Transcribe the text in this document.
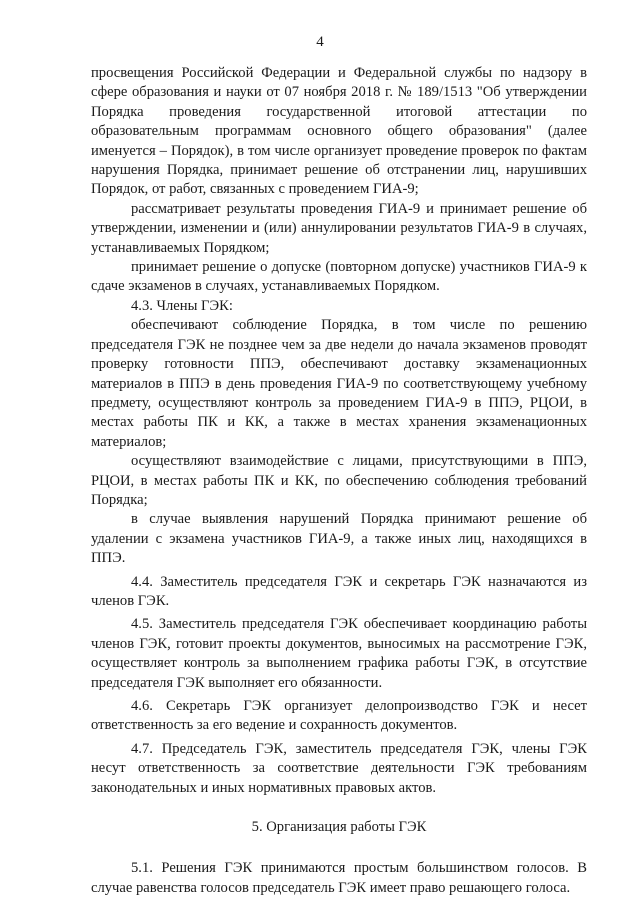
4

просвещения Российской Федерации и Федеральной службы по надзору в сфере образования и науки от 07 ноября 2018 г. № 189/1513 "Об утверждении Порядка проведения государственной итоговой аттестации по образовательным программам основного общего образования" (далее именуется – Порядок), в том числе организует проведение проверок по фактам нарушения Порядка, принимает решение об отстранении лиц, нарушивших Порядок, от работ, связанных с проведением ГИА-9;

рассматривает результаты проведения ГИА-9 и принимает решение об утверждении, изменении и (или) аннулировании результатов ГИА-9 в случаях, устанавливаемых Порядком;

принимает решение о допуске (повторном допуске) участников ГИА-9 к сдаче экзаменов в случаях, устанавливаемых Порядком.

4.3. Члены ГЭК:

обеспечивают соблюдение Порядка, в том числе по решению председателя ГЭК не позднее чем за две недели до начала экзаменов проводят проверку готовности ППЭ, обеспечивают доставку экзаменационных материалов в ППЭ в день проведения ГИА-9 по соответствующему учебному предмету, осуществляют контроль за проведением ГИА-9 в ППЭ, РЦОИ, в местах работы ПК и КК, а также в местах хранения экзаменационных материалов;

осуществляют взаимодействие с лицами, присутствующими в ППЭ, РЦОИ, в местах работы ПК и КК, по обеспечению соблюдения требований Порядка;

в случае выявления нарушений Порядка принимают решение об удалении с экзамена участников ГИА-9, а также иных лиц, находящихся в ППЭ.

4.4. Заместитель председателя ГЭК и секретарь ГЭК назначаются из членов ГЭК.

4.5. Заместитель председателя ГЭК обеспечивает координацию работы членов ГЭК, готовит проекты документов, выносимых на рассмотрение ГЭК, осуществляет контроль за выполнением графика работы ГЭК, в отсутствие председателя ГЭК выполняет его обязанности.

4.6. Секретарь ГЭК организует делопроизводство ГЭК и несет ответственность за его ведение и сохранность документов.

4.7. Председатель ГЭК, заместитель председателя ГЭК, члены ГЭК несут ответственность за соответствие деятельности ГЭК требованиям законодательных и иных нормативных правовых актов.

5. Организация работы ГЭК

5.1. Решения ГЭК принимаются простым большинством голосов. В случае равенства голосов председатель ГЭК имеет право решающего голоса.
